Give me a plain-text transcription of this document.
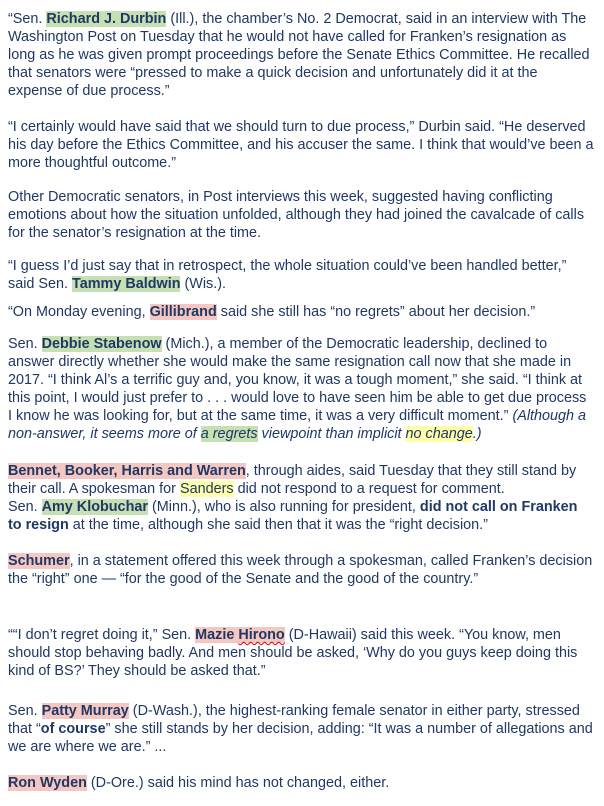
“Sen. Richard J. Durbin (Ill.), the chamber’s No. 2 Democrat, said in an interview with The Washington Post on Tuesday that he would not have called for Franken’s resignation as long as he was given prompt proceedings before the Senate Ethics Committee. He recalled that senators were “pressed to make a quick decision and unfortunately did it at the expense of due process.”

“I certainly would have said that we should turn to due process,” Durbin said. “He deserved his day before the Ethics Committee, and his accuser the same. I think that would’ve been a more thoughtful outcome.”

Other Democratic senators, in Post interviews this week, suggested having conflicting emotions about how the situation unfolded, although they had joined the cavalcade of calls for the senator’s resignation at the time.

“I guess I’d just say that in retrospect, the whole situation could’ve been handled better,” said Sen. Tammy Baldwin (Wis.).

“On Monday evening, Gillibrand said she still has “no regrets” about her decision.”

Sen. Debbie Stabenow (Mich.), a member of the Democratic leadership, declined to answer directly whether she would make the same resignation call now that she made in 2017. “I think Al’s a terrific guy and, you know, it was a tough moment,” she said. “I think at this point, I would just prefer to . . . would love to have seen him be able to get due process I know he was looking for, but at the same time, it was a very difficult moment.” (Although a non-answer, it seems more of a regrets viewpoint than implicit no change.)

Bennet, Booker, Harris and Warren, through aides, said Tuesday that they still stand by their call. A spokesman for Sanders did not respond to a request for comment.
Sen. Amy Klobuchar (Minn.), who is also running for president, did not call on Franken to resign at the time, although she said then that it was the “right decision.”

Schumer, in a statement offered this week through a spokesman, called Franken’s decision the “right” one — “for the good of the Senate and the good of the country.”

““I don’t regret doing it,” Sen. Mazie Hirono (D-Hawaii) said this week. “You know, men should stop behaving badly. And men should be asked, ‘Why do you guys keep doing this kind of BS?’ They should be asked that.”

Sen. Patty Murray (D-Wash.), the highest-ranking female senator in either party, stressed that “of course” she still stands by her decision, adding: “It was a number of allegations and we are where we are.” ...

Ron Wyden (D-Ore.) said his mind has not changed, either.
